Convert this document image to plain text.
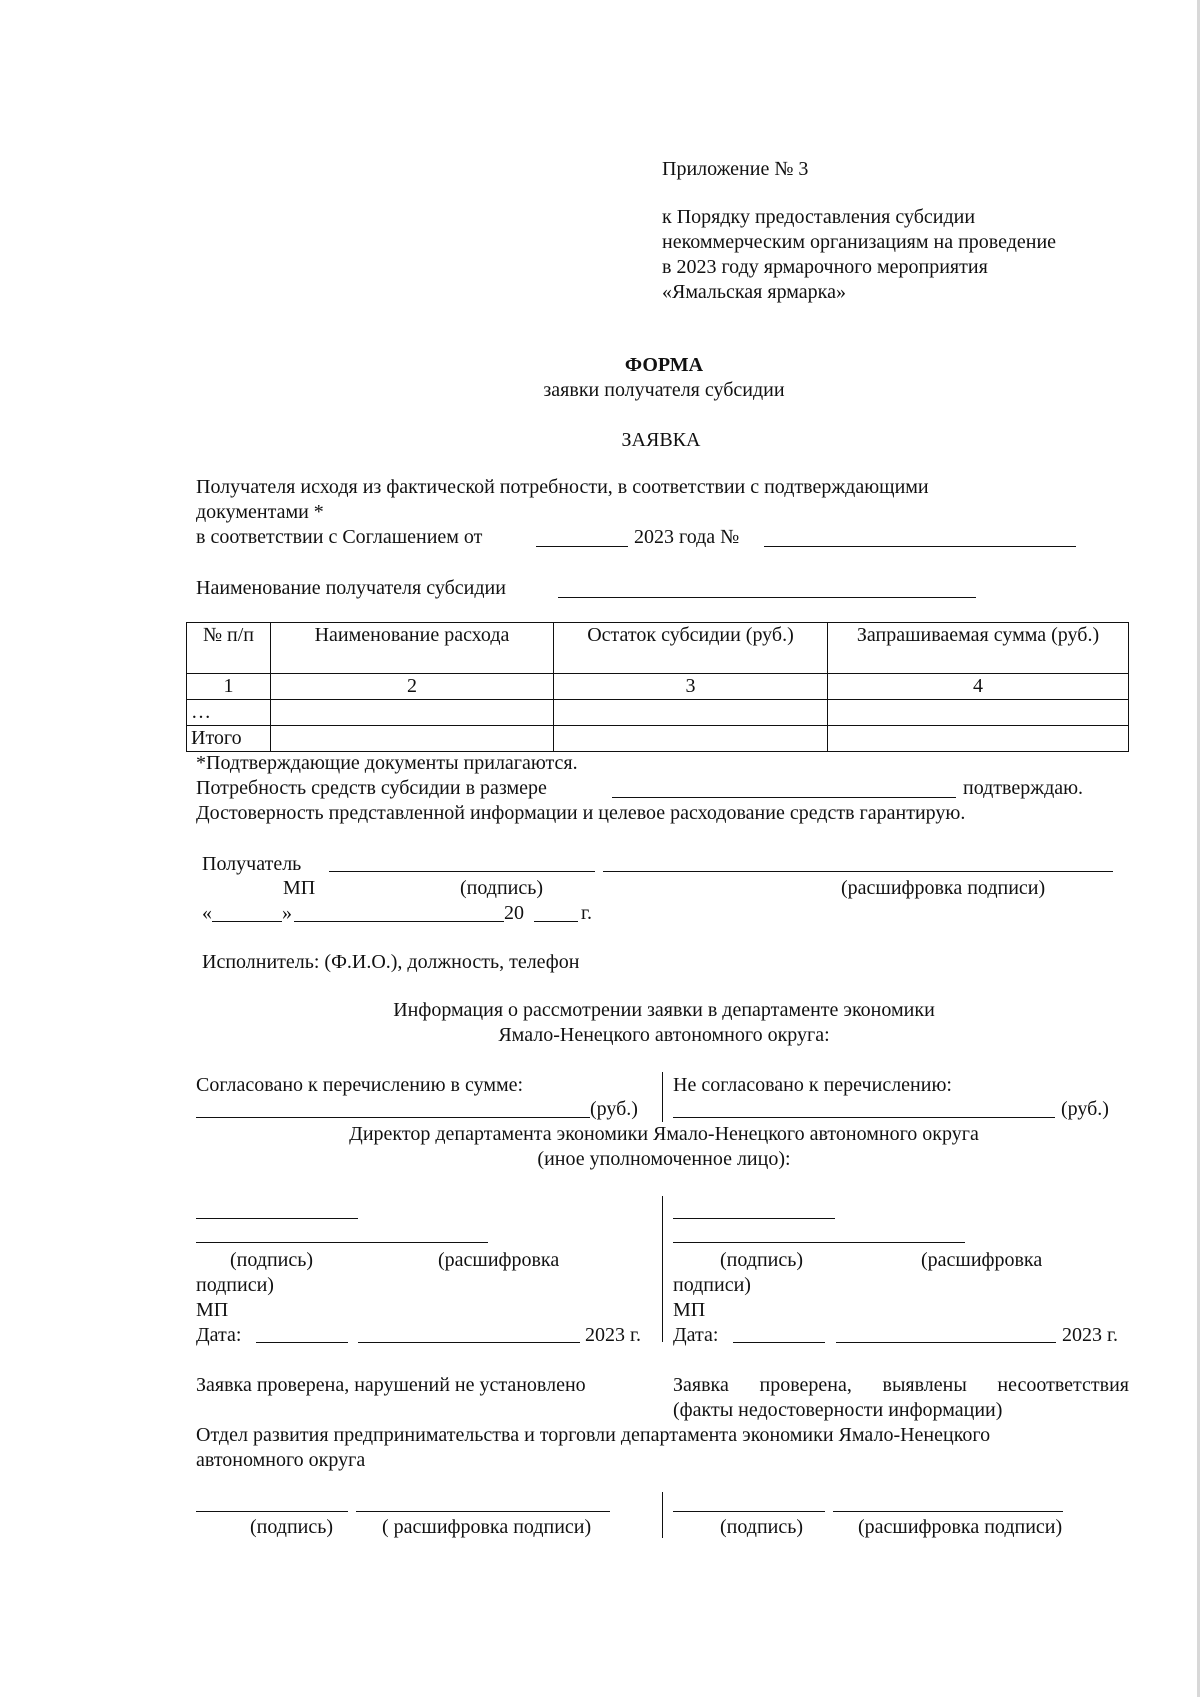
Приложение № 3
к Порядку предоставления субсидии
некоммерческим организациям на проведение
в 2023 году ярмарочного мероприятия
«Ямальская ярмарка»
ФОРМА
заявки получателя субсидии
ЗАЯВКА
Получателя исходя из фактической потребности, в соответствии с подтверждающими
документами *
в соответствии с Соглашением от	2023 года №
Наименование получателя субсидии
№ п/п	Наименование расхода	Остаток субсидии (руб.)	Запрашиваемая сумма (руб.)
1	2	3	4
…			
Итого			
*Подтверждающие документы прилагаются.
Потребность средств субсидии в размере	подтверждаю.
Достоверность представленной информации и целевое расходование средств гарантирую.
Получатель
МП	(подпись)	(расшифровка подписи)
«	»	20	г.
Исполнитель: (Ф.И.О.), должность, телефон
Информация о рассмотрении заявки в департаменте экономики
Ямало-Ненецкого автономного округа:
Согласовано к перечислению в сумме:
(руб.)
Не согласовано к перечислению:
(руб.)
Директор департамента экономики Ямало-Ненецкого автономного округа
(иное уполномоченное лицо):
(подпись)	(расшифровка
подписи)
МП
Дата:	2023 г.
(подпись)	(расшифровка
подписи)
МП
Дата:	2023 г.
Заявка проверена, нарушений не установлено	Заявка проверена, выявлены несоответствия
(факты недостоверности информации)
Отдел развития предпринимательства и торговли департамента экономики Ямало-Ненецкого
автономного округа
(подпись) ( расшифровка подписи)	(подпись)	(расшифровка подписи)
